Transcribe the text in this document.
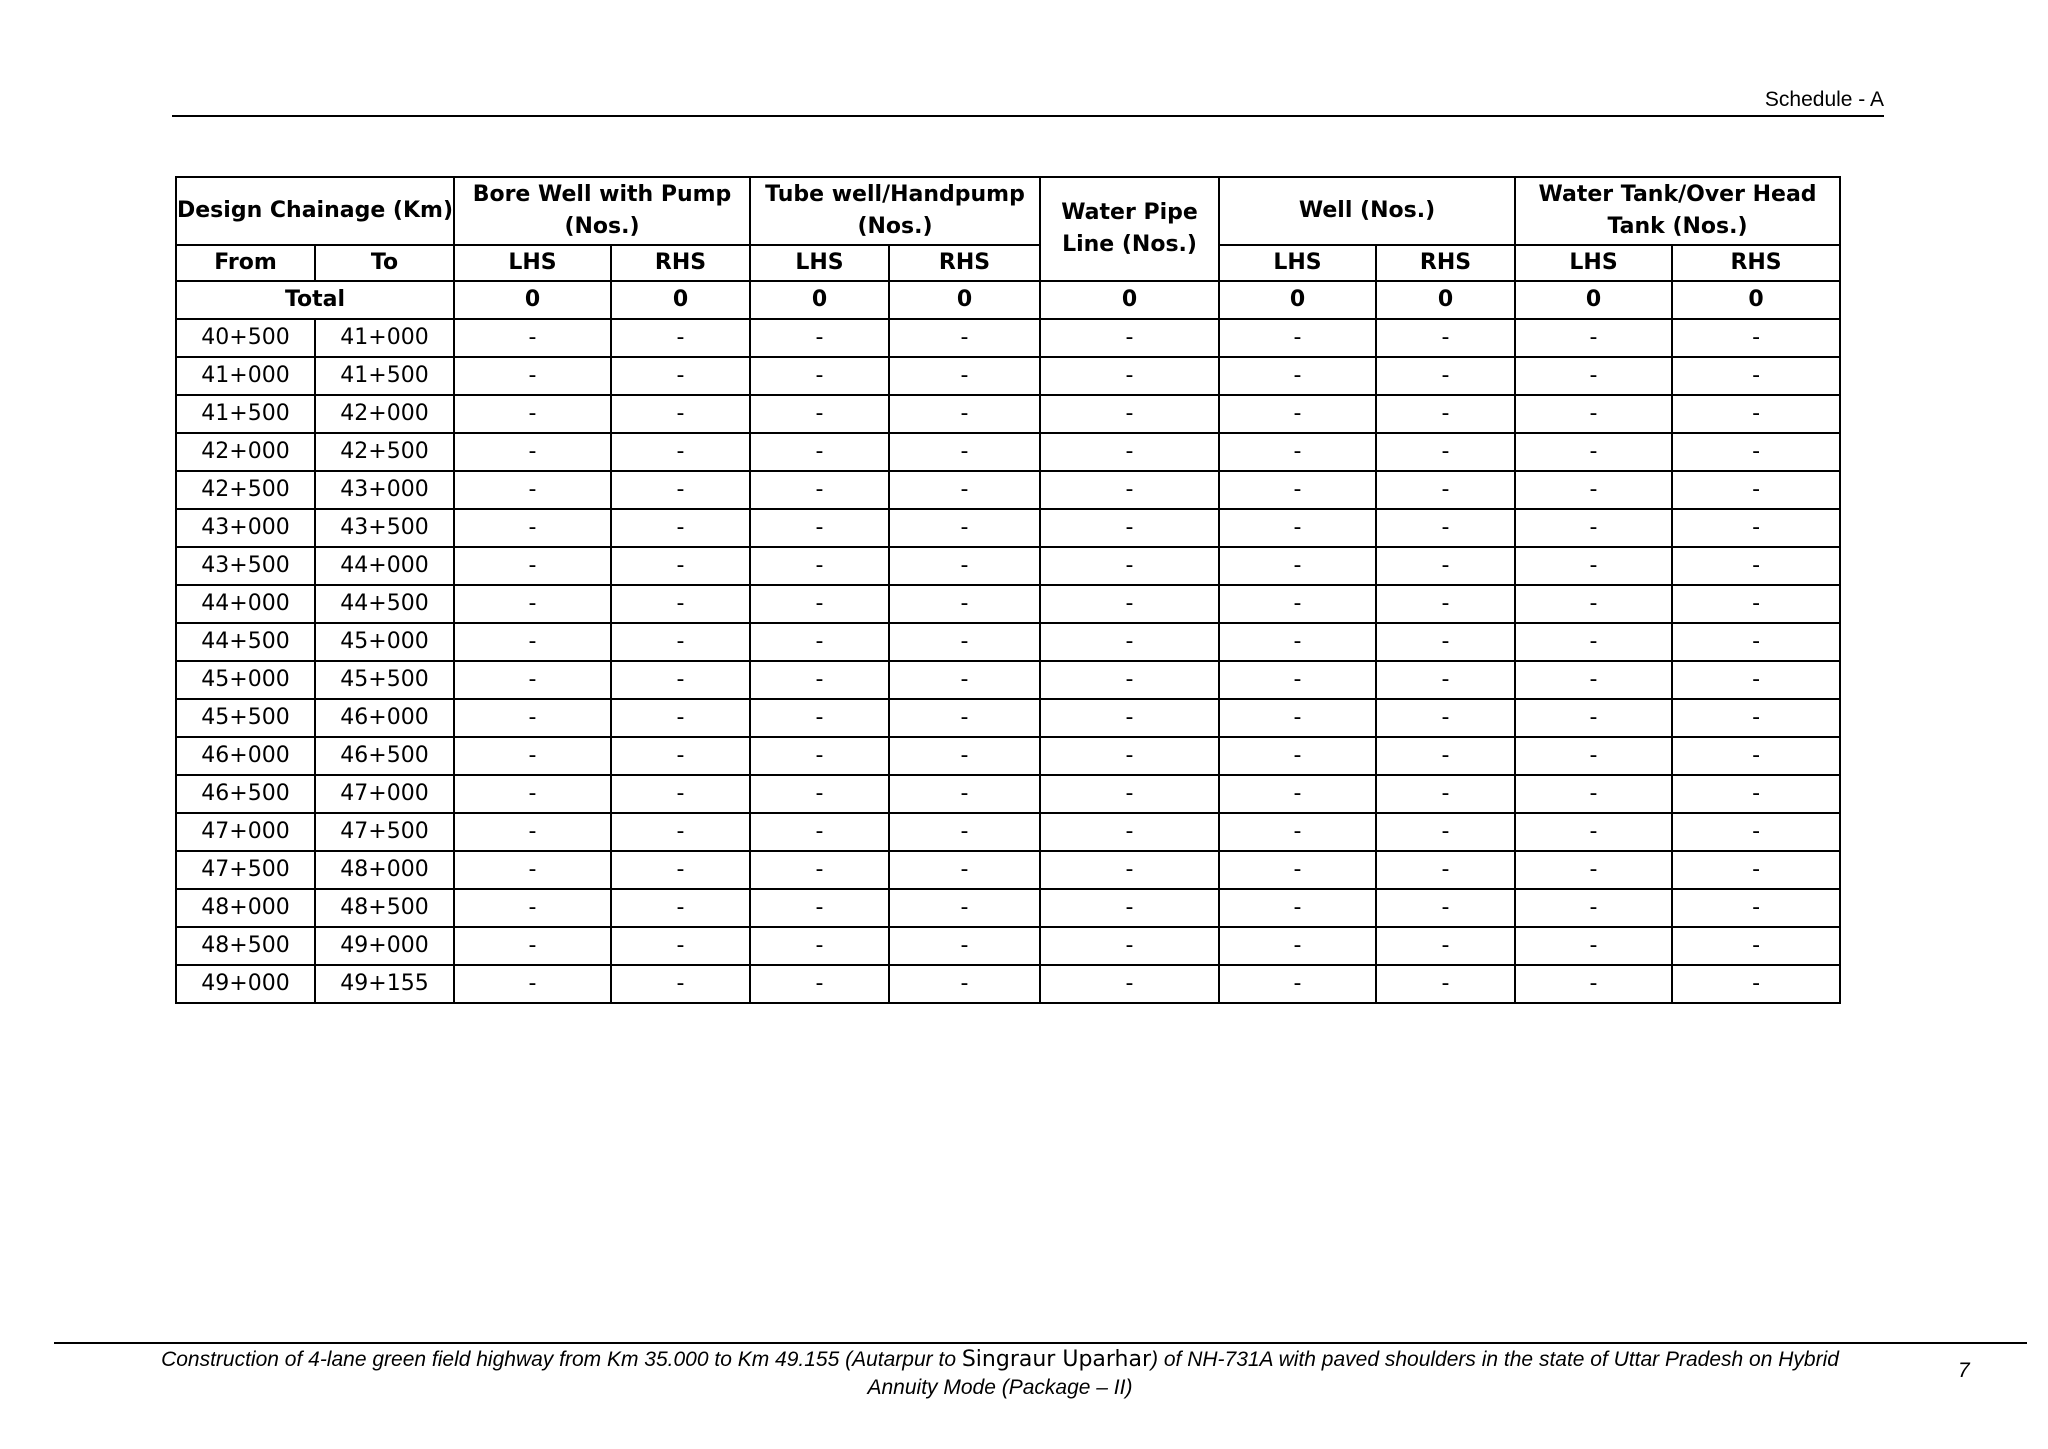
Schedule - A
Design Chainage (Km)		Bore Well with Pump (Nos.)		Tube well/Handpump (Nos.)		Water Pipe Line (Nos.)	Well (Nos.)		Water Tank/Over Head Tank (Nos.)	
From	To	LHS	RHS	LHS	RHS		LHS	RHS	LHS	RHS
Total		0	0	0	0	0	0	0	0	0
40+500	41+000	-	-	-	-	-	-	-	-	-
41+000	41+500	-	-	-	-	-	-	-	-	-
41+500	42+000	-	-	-	-	-	-	-	-	-
42+000	42+500	-	-	-	-	-	-	-	-	-
42+500	43+000	-	-	-	-	-	-	-	-	-
43+000	43+500	-	-	-	-	-	-	-	-	-
43+500	44+000	-	-	-	-	-	-	-	-	-
44+000	44+500	-	-	-	-	-	-	-	-	-
44+500	45+000	-	-	-	-	-	-	-	-	-
45+000	45+500	-	-	-	-	-	-	-	-	-
45+500	46+000	-	-	-	-	-	-	-	-	-
46+000	46+500	-	-	-	-	-	-	-	-	-
46+500	47+000	-	-	-	-	-	-	-	-	-
47+000	47+500	-	-	-	-	-	-	-	-	-
47+500	48+000	-	-	-	-	-	-	-	-	-
48+000	48+500	-	-	-	-	-	-	-	-	-
48+500	49+000	-	-	-	-	-	-	-	-	-
49+000	49+155	-	-	-	-	-	-	-	-	-
Construction of 4-lane green field highway from Km 35.000 to Km 49.155 (Autarpur to Singraur Uparhar) of NH-731A with paved shoulders in the state of Uttar Pradesh on Hybrid
Annuity Mode (Package – II)
7
